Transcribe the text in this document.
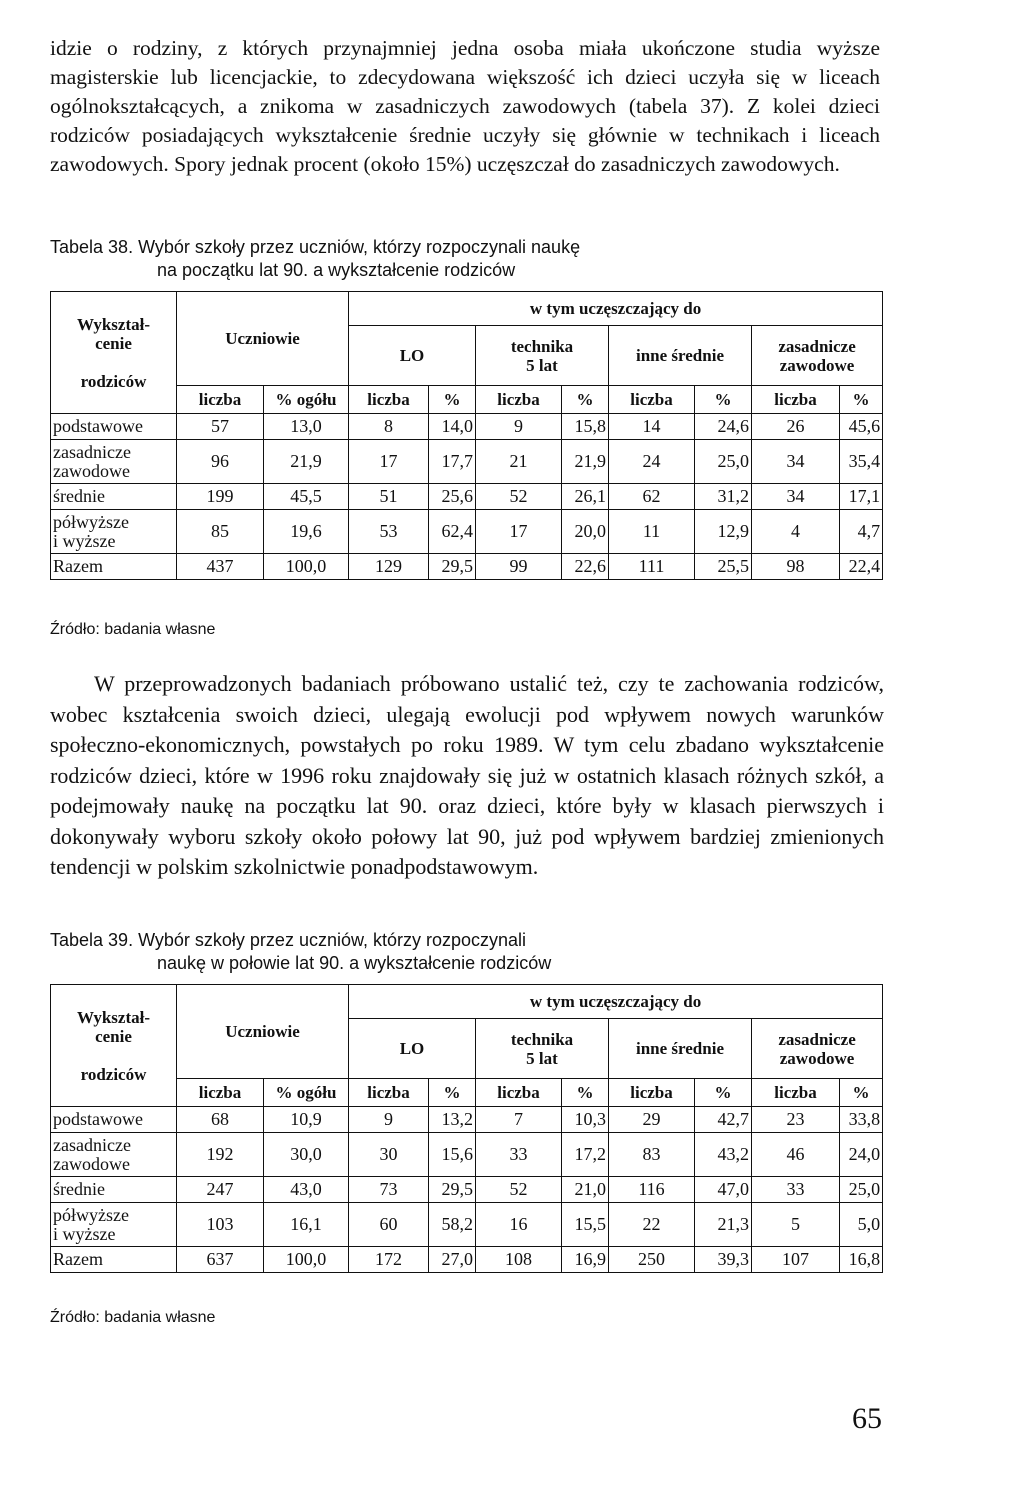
idzie o rodziny, z których przynajmniej jedna osoba miała ukończone studia wyższe magisterskie lub licencjackie, to zdecydowana większość ich dzieci uczyła się w liceach ogólnokształcących, a znikoma w zasadniczych zawodowych (tabela 37). Z kolei dzieci rodziców posiadających wykształcenie średnie uczyły się głównie w technikach i liceach zawodowych. Spory jednak procent (około 15%) uczęszczał do zasadniczych zawodowych.

Tabela 38. Wybór szkoły przez uczniów, którzy rozpoczynali naukę
na początku lat 90. a wykształcenie rodziców
Wykształ-
cenie

rodziców	Uczniowie		w tym uczęszczający do							
			LO		technika
5 lat		inne średnie		zasadnicze
zawodowe	
	liczba	% ogółu	liczba	%	liczba	%	liczba	%	liczba	%
podstawowe	57	13,0	8	14,0	9	15,8	14	24,6	26	45,6
zasadnicze
zawodowe	96	21,9	17	17,7	21	21,9	24	25,0	34	35,4
średnie	199	45,5	51	25,6	52	26,1	62	31,2	34	17,1
półwyższe
i wyższe	85	19,6	53	62,4	17	20,0	11	12,9	4	4,7
Razem	437	100,0	129	29,5	99	22,6	111	25,5	98	22,4
Źródło: badania własne

W przeprowadzonych badaniach próbowano ustalić też, czy te zachowania rodziców, wobec kształcenia swoich dzieci, ulegają ewolucji pod wpływem nowych warunków społeczno-ekonomicznych, powstałych po roku 1989. W tym celu zbadano wykształcenie rodziców dzieci, które w 1996 roku znajdowały się już w ostatnich klasach różnych szkół, a podejmowały naukę na początku lat 90. oraz dzieci, które były w klasach pierwszych i dokonywały wyboru szkoły około połowy lat 90, już pod wpływem bardziej zmienionych tendencji w polskim szkolnictwie ponadpodstawowym.

Tabela 39. Wybór szkoły przez uczniów, którzy rozpoczynali
naukę w połowie lat 90. a wykształcenie rodziców
Wykształ-
cenie

rodziców	Uczniowie		w tym uczęszczający do							
			LO		technika
5 lat		inne średnie		zasadnicze
zawodowe	
	liczba	% ogółu	liczba	%	liczba	%	liczba	%	liczba	%
podstawowe	68	10,9	9	13,2	7	10,3	29	42,7	23	33,8
zasadnicze
zawodowe	192	30,0	30	15,6	33	17,2	83	43,2	46	24,0
średnie	247	43,0	73	29,5	52	21,0	116	47,0	33	25,0
półwyższe
i wyższe	103	16,1	60	58,2	16	15,5	22	21,3	5	5,0
Razem	637	100,0	172	27,0	108	16,9	250	39,3	107	16,8
Źródło: badania własne
65
